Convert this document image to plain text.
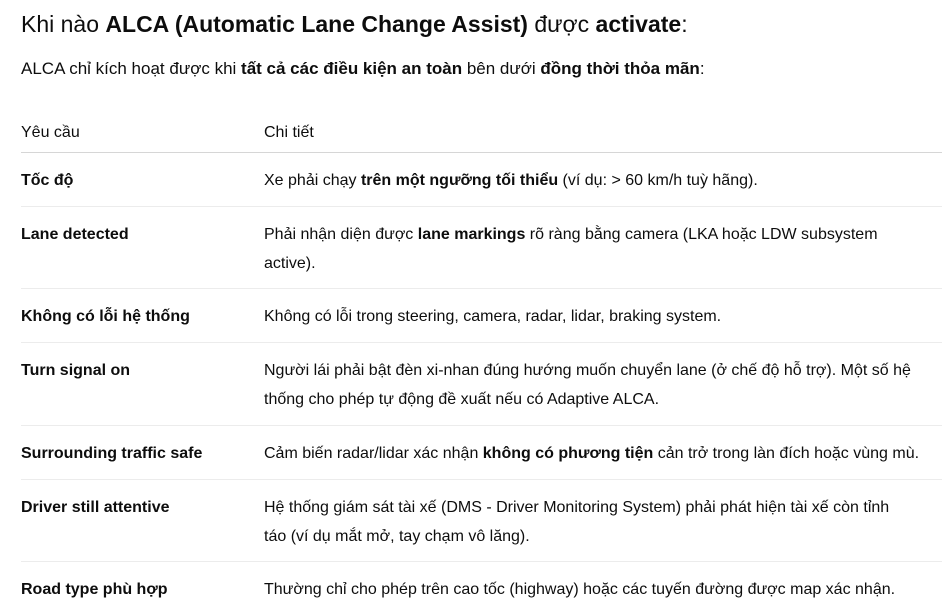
Khi nào ALCA (Automatic Lane Change Assist) được activate:

ALCA chỉ kích hoạt được khi tất cả các điều kiện an toàn bên dưới đồng thời thỏa mãn:

Yêu cầu	Chi tiết
Tốc độ	Xe phải chạy trên một ngưỡng tối thiểu (ví dụ: > 60 km/h tuỳ hãng).
Lane detected	Phải nhận diện được lane markings rõ ràng bằng camera (LKA hoặc LDW subsystem
active).
Không có lỗi hệ thống	Không có lỗi trong steering, camera, radar, lidar, braking system.
Turn signal on	Người lái phải bật đèn xi-nhan đúng hướng muốn chuyển lane (ở chế độ hỗ trợ). Một số hệ
thống cho phép tự động đề xuất nếu có Adaptive ALCA.
Surrounding traffic safe	Cảm biến radar/lidar xác nhận không có phương tiện cản trở trong làn đích hoặc vùng mù.
Driver still attentive	Hệ thống giám sát tài xế (DMS - Driver Monitoring System) phải phát hiện tài xế còn tỉnh
táo (ví dụ mắt mở, tay chạm vô lăng).
Road type phù hợp	Thường chỉ cho phép trên cao tốc (highway) hoặc các tuyến đường được map xác nhận.
